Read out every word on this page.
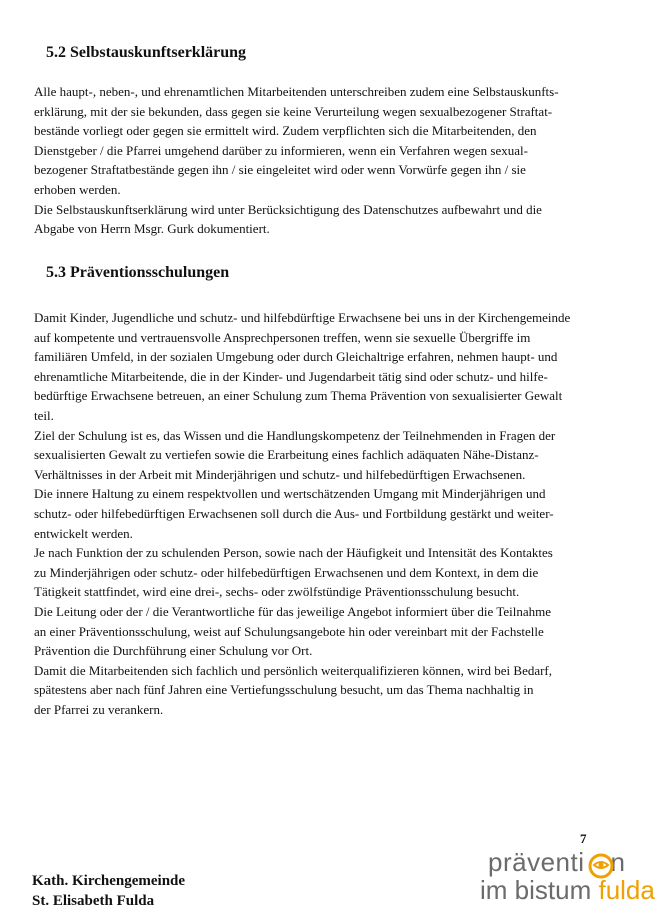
5.2 Selbstauskunftserklärung
Alle haupt-, neben-, und ehrenamtlichen Mitarbeitenden unterschreiben zudem eine Selbstauskunfts-
erklärung, mit der sie bekunden, dass gegen sie keine Verurteilung wegen sexualbezogener Straftat-
bestände vorliegt oder gegen sie ermittelt wird. Zudem verpflichten sich die Mitarbeitenden, den
Dienstgeber / die Pfarrei umgehend darüber zu informieren, wenn ein Verfahren wegen sexual-
bezogener Straftatbestände gegen ihn / sie eingeleitet wird oder wenn Vorwürfe gegen ihn / sie
erhoben werden.
Die Selbstauskunftserklärung wird unter Berücksichtigung des Datenschutzes aufbewahrt und die
Abgabe von Herrn Msgr. Gurk dokumentiert.
5.3 Präventionsschulungen
Damit Kinder, Jugendliche und schutz- und hilfebdürftige Erwachsene bei uns in der Kirchengemeinde
auf kompetente und vertrauensvolle Ansprechpersonen treffen, wenn sie sexuelle Übergriffe im
familiären Umfeld, in der sozialen Umgebung oder durch Gleichaltrige erfahren, nehmen haupt- und
ehrenamtliche Mitarbeitende, die in der Kinder- und Jugendarbeit tätig sind oder schutz- und hilfe-
bedürftige Erwachsene betreuen, an einer Schulung zum Thema Prävention von sexualisierter Gewalt
teil.
Ziel der Schulung ist es, das Wissen und die Handlungskompetenz der Teilnehmenden in Fragen der
sexualisierten Gewalt zu vertiefen sowie die Erarbeitung eines fachlich adäquaten Nähe-Distanz-
Verhältnisses in der Arbeit mit Minderjährigen und schutz- und hilfebedürftigen Erwachsenen.
Die innere Haltung zu einem respektvollen und wertschätzenden Umgang mit Minderjährigen und
schutz- oder hilfebedürftigen Erwachsenen soll durch die Aus- und Fortbildung gestärkt und weiter-
entwickelt werden.
Je nach Funktion der zu schulenden Person, sowie nach der Häufigkeit und Intensität des Kontaktes
zu Minderjährigen oder schutz- oder hilfebedürftigen Erwachsenen und dem Kontext, in dem die
Tätigkeit stattfindet, wird eine drei-, sechs- oder zwölfstündige Präventionsschulung besucht.
Die Leitung oder der / die Verantwortliche für das jeweilige Angebot informiert über die Teilnahme
an einer Präventionsschulung, weist auf Schulungsangebote hin oder vereinbart mit der Fachstelle
Prävention die Durchführung einer Schulung vor Ort.
Damit die Mitarbeitenden sich fachlich und persönlich weiterqualifizieren können, wird bei Bedarf,
spätestens aber nach fünf Jahren eine Vertiefungsschulung besucht, um das Thema nachhaltig in
der Pfarrei zu verankern.
7
Kath. Kirchengemeinde
St. Elisabeth Fulda
präventi n
im bistum fulda
